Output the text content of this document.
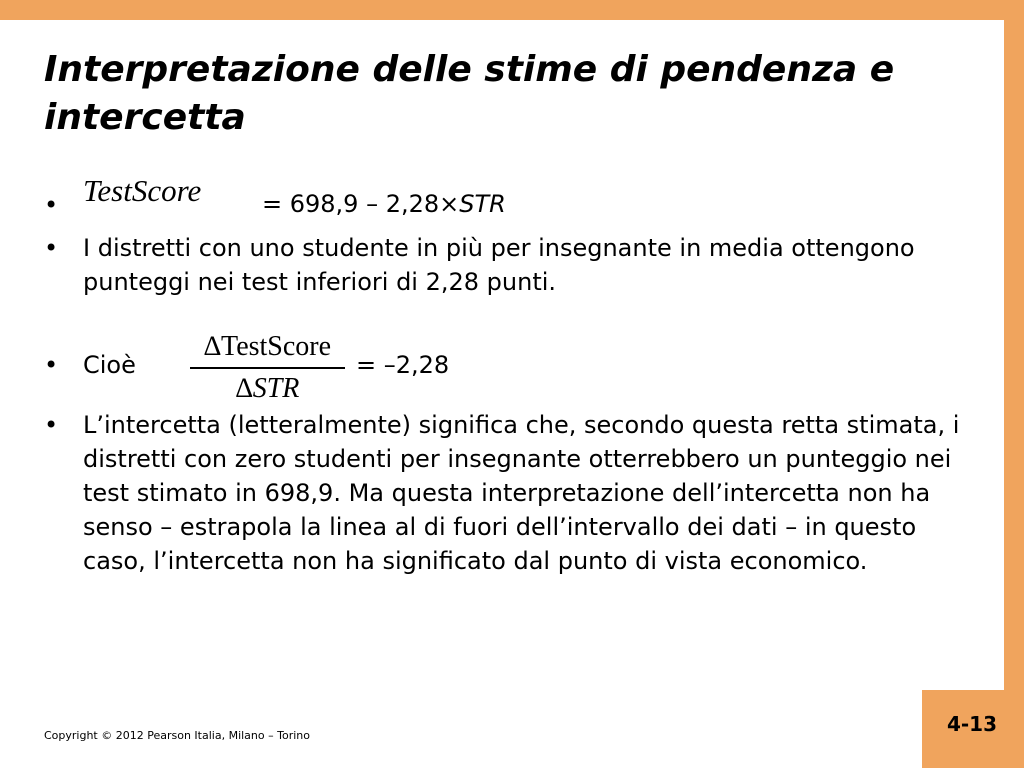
Interpretazione delle stime di pendenza e intercetta
• TestScore	= 698,9 – 2,28×STR
•	I distretti con uno studente in più per insegnante in media ottengono punteggi nei test inferiori di 2,28 punti.
•	Cioè
∆TestScore
∆STR
= –2,28
•	L’intercetta (letteralmente) significa che, secondo questa retta stimata, i distretti con zero studenti per insegnante otterrebbero un punteggio nei test stimato in 698,9. Ma questa interpretazione dell’intercetta non ha senso – estrapola la linea al di fuori dell’intervallo dei dati – in questo caso, l’intercetta non ha significato dal punto di vista economico.
Copyright © 2012 Pearson Italia, Milano – Torino	4-13
